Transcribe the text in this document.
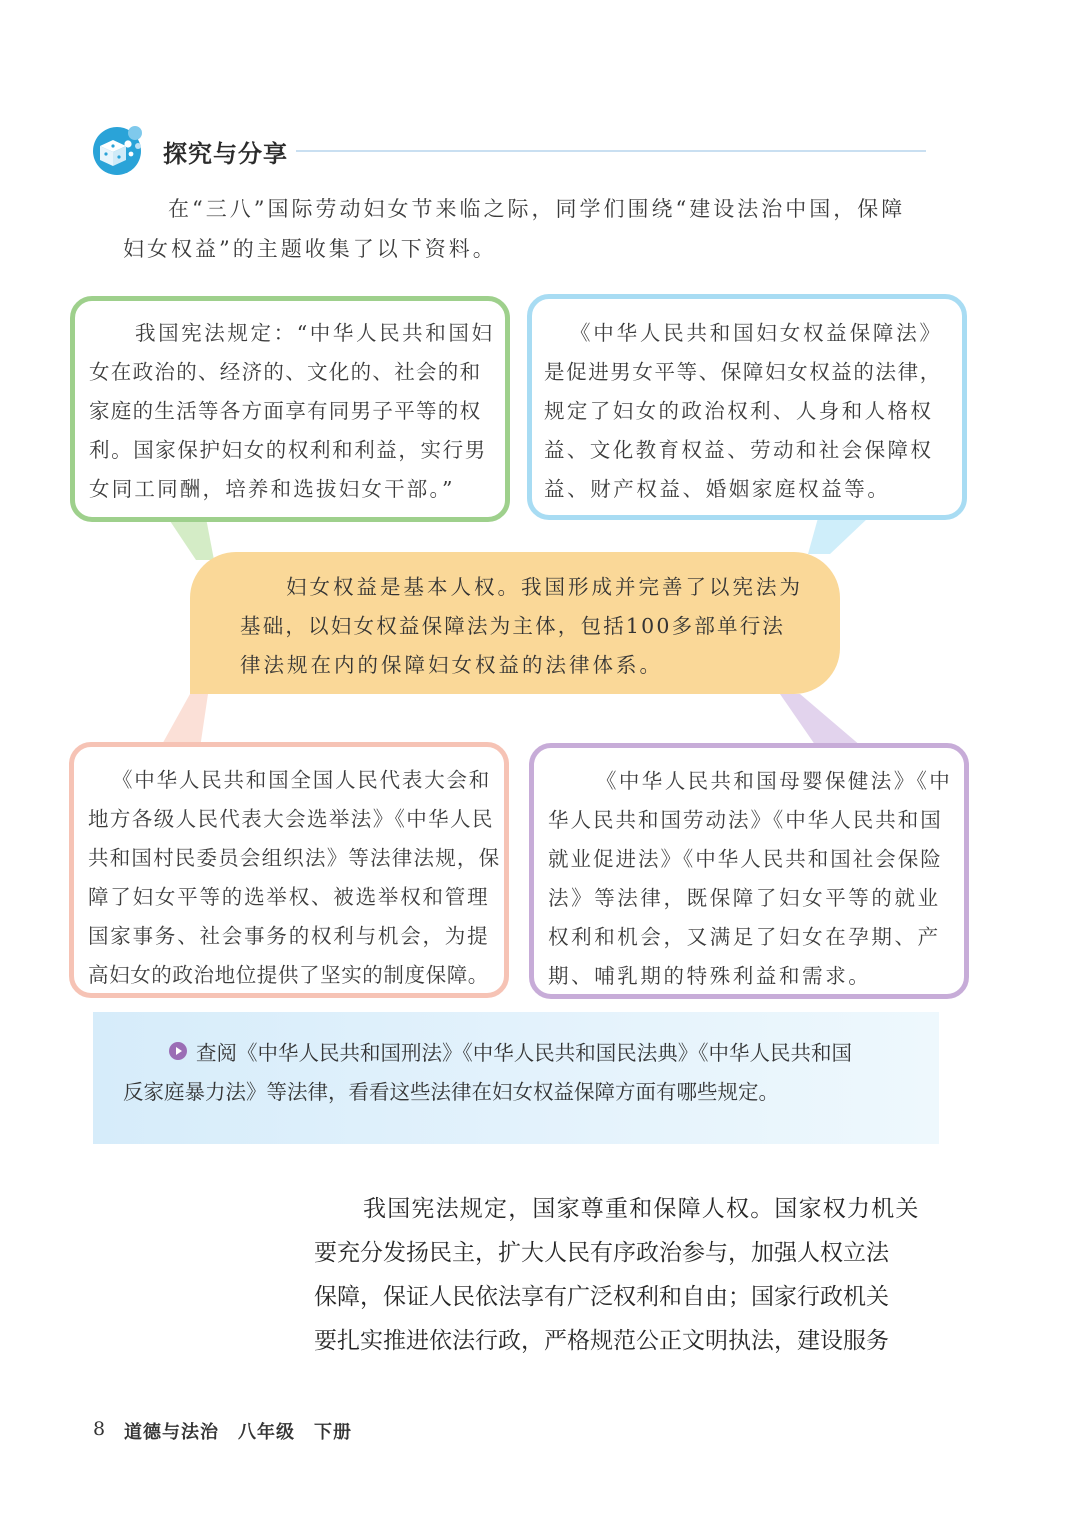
探究与分享
在“三八”国际劳动妇女节来临之际，同学们围绕“建设法治中国，保障
妇女权益”的主题收集了以下资料。
我国宪法规定：“中华人民共和国妇
女在政治的、经济的、文化的、社会的和
家庭的生活等各方面享有同男子平等的权
利。国家保护妇女的权利和利益，实行男
女同工同酬，培养和选拔妇女干部。”
《中华人民共和国妇女权益保障法》
是促进男女平等、保障妇女权益的法律，
规定了妇女的政治权利、人身和人格权
益、文化教育权益、劳动和社会保障权
益、财产权益、婚姻家庭权益等。
妇女权益是基本人权。我国形成并完善了以宪法为
基础，以妇女权益保障法为主体，包括100多部单行法
律法规在内的保障妇女权益的法律体系。
《中华人民共和国全国人民代表大会和
地方各级人民代表大会选举法》《中华人民
共和国村民委员会组织法》等法律法规，保
障了妇女平等的选举权、被选举权和管理
国家事务、社会事务的权利与机会，为提
高妇女的政治地位提供了坚实的制度保障。
《中华人民共和国母婴保健法》《中
华人民共和国劳动法》《中华人民共和国
就业促进法》《中华人民共和国社会保险
法》等法律，既保障了妇女平等的就业
权利和机会，又满足了妇女在孕期、产
期、哺乳期的特殊利益和需求。
查阅《中华人民共和国刑法》《中华人民共和国民法典》《中华人民共和国
反家庭暴力法》等法律，看看这些法律在妇女权益保障方面有哪些规定。
我国宪法规定，国家尊重和保障人权。国家权力机关
要充分发扬民主，扩大人民有序政治参与，加强人权立法
保障，保证人民依法享有广泛权利和自由；国家行政机关
要扎实推进依法行政，严格规范公正文明执法，建设服务
8 道德与法治　八年级　下册
